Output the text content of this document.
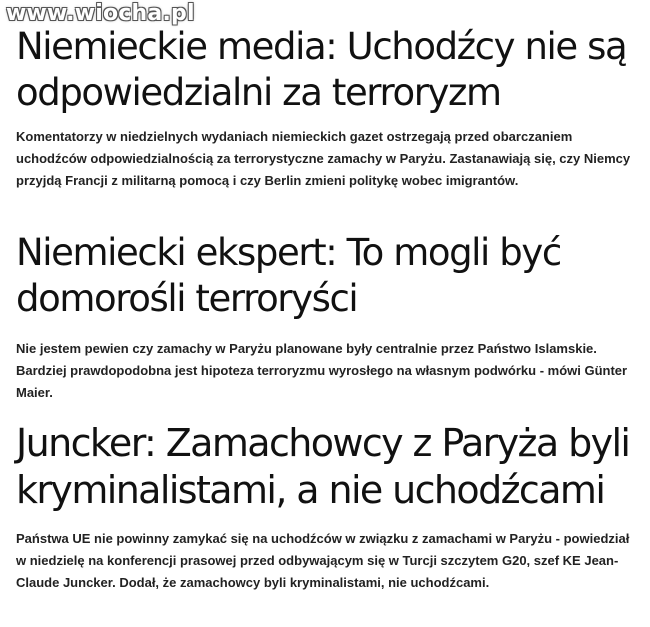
www.wiocha.pl
Niemieckie media: Uchodźcy nie są odpowiedzialni za terroryzm

Komentatorzy w niedzielnych wydaniach niemieckich gazet ostrzegają przed obarczaniem uchodźców odpowiedzialnością za terrorystyczne zamachy w Paryżu. Zastanawiają się, czy Niemcy przyjdą Francji z militarną pomocą i czy Berlin zmieni politykę wobec imigrantów.

Niemiecki ekspert: To mogli być domorośli terroryści

Nie jestem pewien czy zamachy w Paryżu planowane były centralnie przez Państwo Islamskie. Bardziej prawdopodobna jest hipoteza terroryzmu wyrosłego na własnym podwórku - mówi Günter Maier.

Juncker: Zamachowcy z Paryża byli kryminalistami, a nie uchodźcami

Państwa UE nie powinny zamykać się na uchodźców w związku z zamachami w Paryżu - powiedział w niedzielę na konferencji prasowej przed odbywającym się w Turcji szczytem G20, szef KE Jean-Claude Juncker. Dodał, że zamachowcy byli kryminalistami, nie uchodźcami.
